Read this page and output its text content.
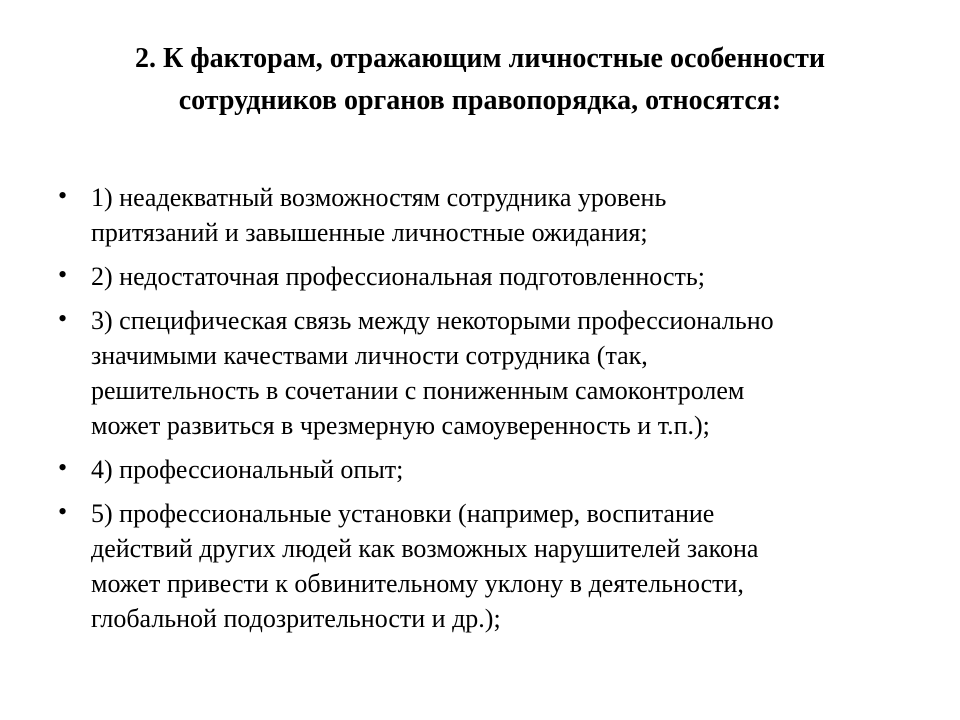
2. К факторам, отражающим личностные особенности
сотрудников органов правопорядка, относятся:
• 1) неадекватный возможностям сотрудника уровень
притязаний и завышенные личностные ожидания;
• 2) недостаточная профессиональная подготовленность;
• 3) специфическая связь между некоторыми профессионально
значимыми качествами личности сотрудника (так,
решительность в сочетании с пониженным самоконтролем
может развиться в чрезмерную самоуверенность и т.п.);
• 4) профессиональный опыт;
• 5) профессиональные установки (например, воспитание
действий других людей как возможных нарушителей закона
может привести к обвинительному уклону в деятельности,
глобальной подозрительности и др.);
